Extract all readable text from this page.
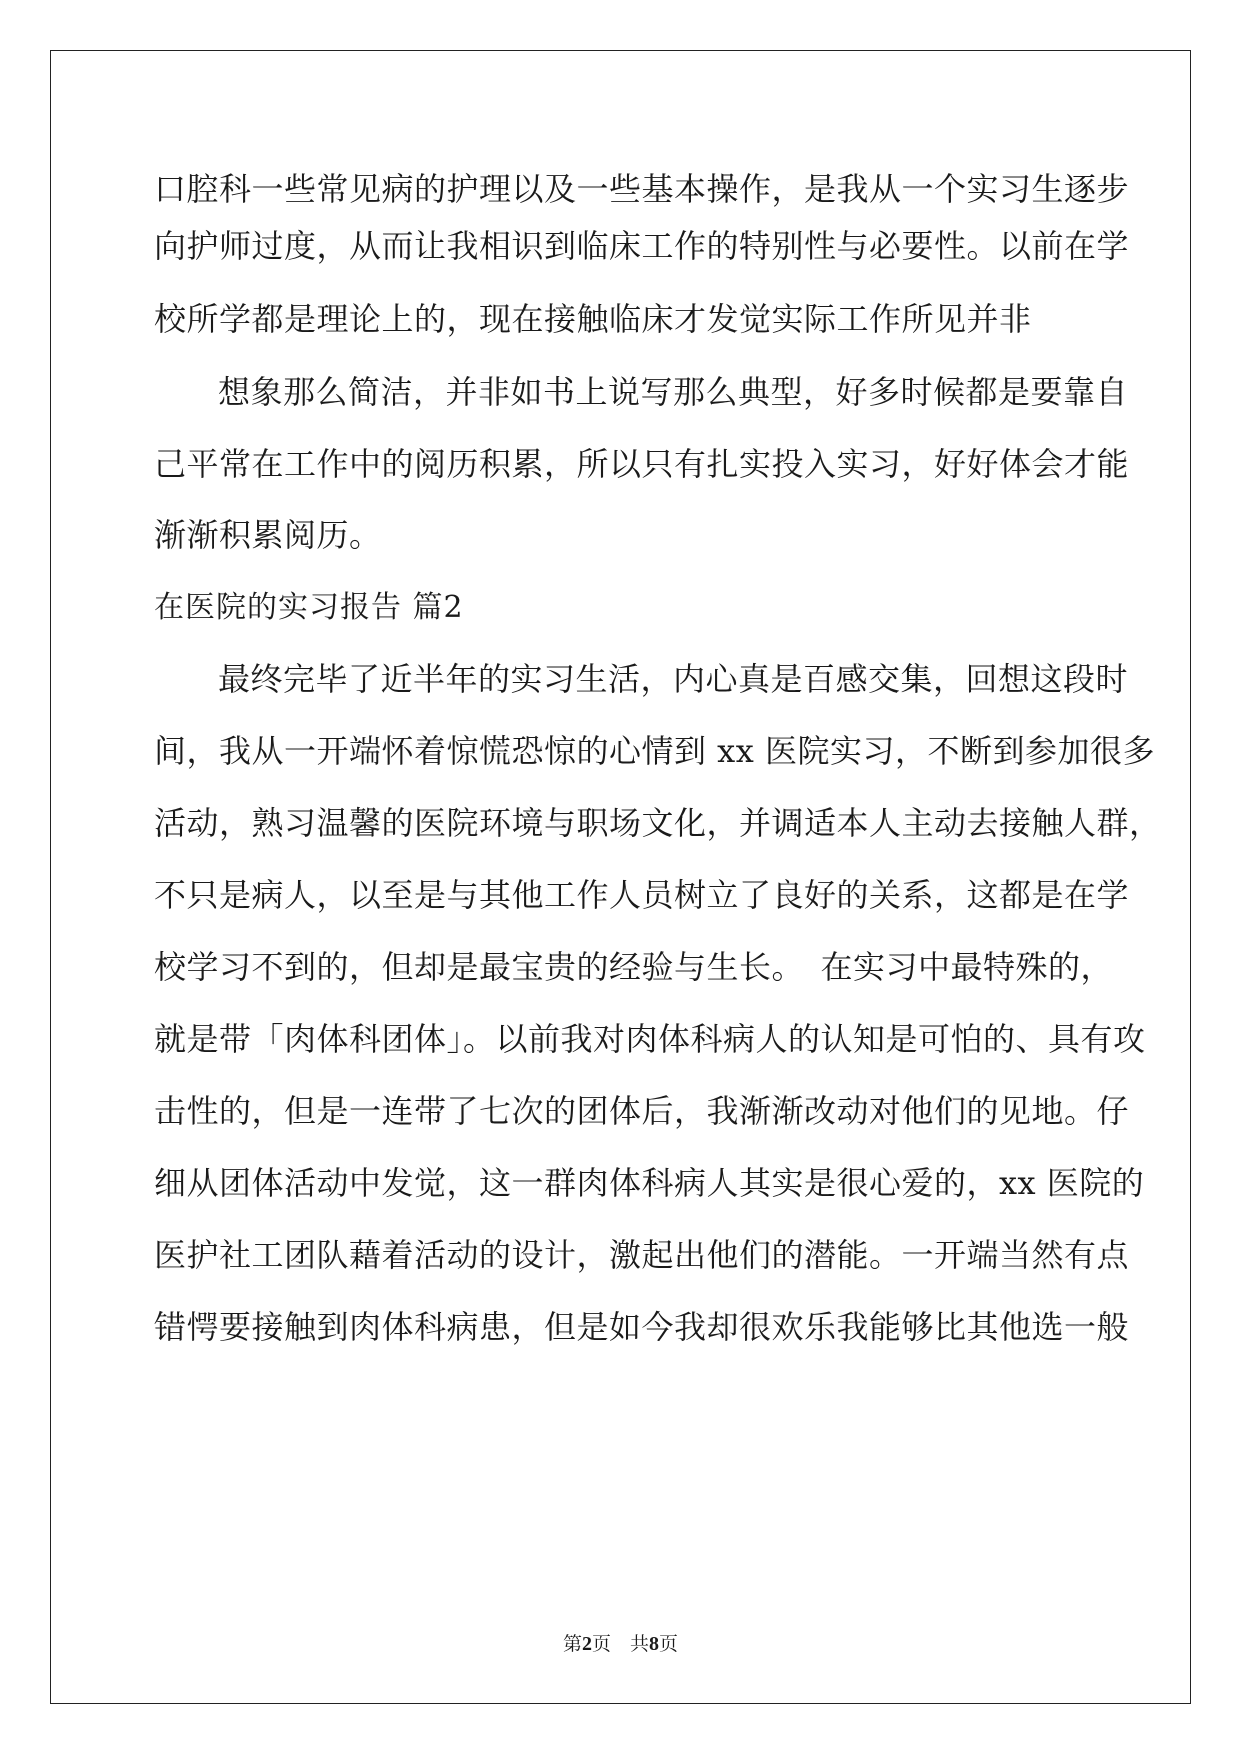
口腔科一些常见病的护理以及一些基本操作，是我从一个实习生逐步
向护师过度，从而让我相识到临床工作的特别性与必要性。以前在学
校所学都是理论上的，现在接触临床才发觉实际工作所见并非
想象那么简洁，并非如书上说写那么典型，好多时候都是要靠自
己平常在工作中的阅历积累，所以只有扎实投入实习，好好体会才能
渐渐积累阅历。
在医院的实习报告 篇2
最终完毕了近半年的实习生活，内心真是百感交集，回想这段时
间，我从一开端怀着惊慌恐惊的心情到 xx 医院实习，不断到参加很多
活动，熟习温馨的医院环境与职场文化，并调适本人主动去接触人群，
不只是病人，以至是与其他工作人员树立了良好的关系，这都是在学
校学习不到的，但却是最宝贵的经验与生长。　在实习中最特殊的，
就是带「肉体科团体」。以前我对肉体科病人的认知是可怕的、具有攻
击性的，但是一连带了七次的团体后，我渐渐改动对他们的见地。仔
细从团体活动中发觉，这一群肉体科病人其实是很心爱的，xx 医院的
医护社工团队藉着活动的设计，激起出他们的潜能。一开端当然有点
错愕要接触到肉体科病患，但是如今我却很欢乐我能够比其他选一般
第2页　共8页
